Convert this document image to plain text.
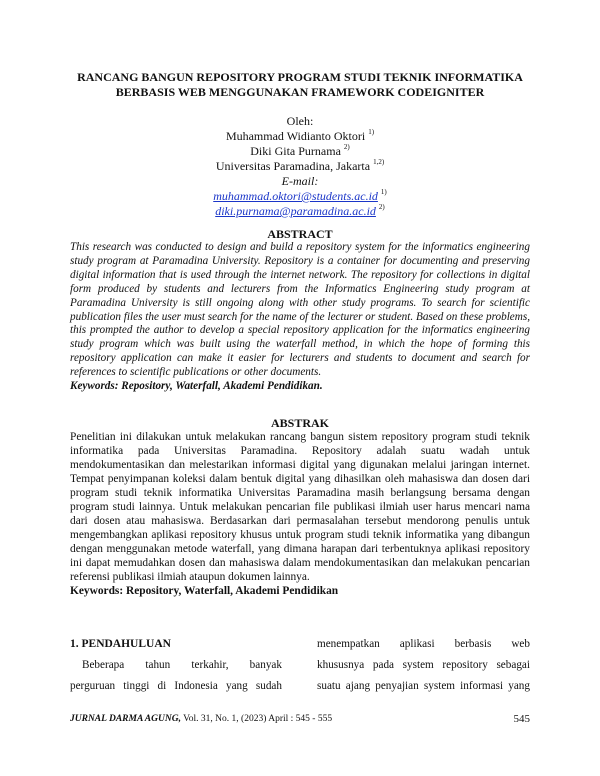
RANCANG BANGUN REPOSITORY PROGRAM STUDI TEKNIK INFORMATIKA
BERBASIS WEB MENGGUNAKAN FRAMEWORK CODEIGNITER
Oleh:
Muhammad Widianto Oktori $^{1)}$
Diki Gita Purnama $^{2)}$
Universitas Paramadina, Jakarta $^{1,2)}$
E-mail:
muhammad.oktori@students.ac.id $^{1)}$
diki.purnama@paramadina.ac.id $^{2)}$
ABSTRACT
This research was conducted to design and build a repository system for the informatics engineering study program at Paramadina University. Repository is a container for documenting and preserving digital information that is used through the internet network. The repository for collections in digital form produced by students and lecturers from the Informatics Engineering study program at Paramadina University is still ongoing along with other study programs. To search for scientific publication files the user must search for the name of the lecturer or student. Based on these problems, this prompted the author to develop a special repository application for the informatics engineering study program which was built using the waterfall method, in which the hope of forming this repository application can make it easier for lecturers and students to document and search for references to scientific publications or other documents.
Keywords: Repository, Waterfall, Akademi Pendidikan.
ABSTRAK
Penelitian ini dilakukan untuk melakukan rancang bangun sistem repository program studi teknik informatika pada Universitas Paramadina. Repository adalah suatu wadah untuk mendokumentasikan dan melestarikan informasi digital yang digunakan melalui jaringan internet. Tempat penyimpanan koleksi dalam bentuk digital yang dihasilkan oleh mahasiswa dan dosen dari program studi teknik informatika Universitas Paramadina masih berlangsung bersama dengan program studi lainnya. Untuk melakukan pencarian file publikasi ilmiah user harus mencari nama dari dosen atau mahasiswa. Berdasarkan dari permasalahan tersebut mendorong penulis untuk mengembangkan aplikasi repository khusus untuk program studi teknik informatika yang dibangun dengan menggunakan metode waterfall, yang dimana harapan dari terbentuknya aplikasi repository ini dapat memudahkan dosen dan mahasiswa dalam mendokumentasikan dan melakukan pencarian referensi publikasi ilmiah ataupun dokumen lainnya.
Keywords: Repository, Waterfall, Akademi Pendidikan
1. PENDAHULUAN
Beberapa tahun terkahir, banyak
perguruan tinggi di Indonesia yang sudah
menempatkan aplikasi berbasis web
khususnya pada system repository sebagai
suatu ajang penyajian system informasi yang
JURNAL DARMA AGUNG, Vol. 31, No. 1, (2023) April : 545 - 555	545
